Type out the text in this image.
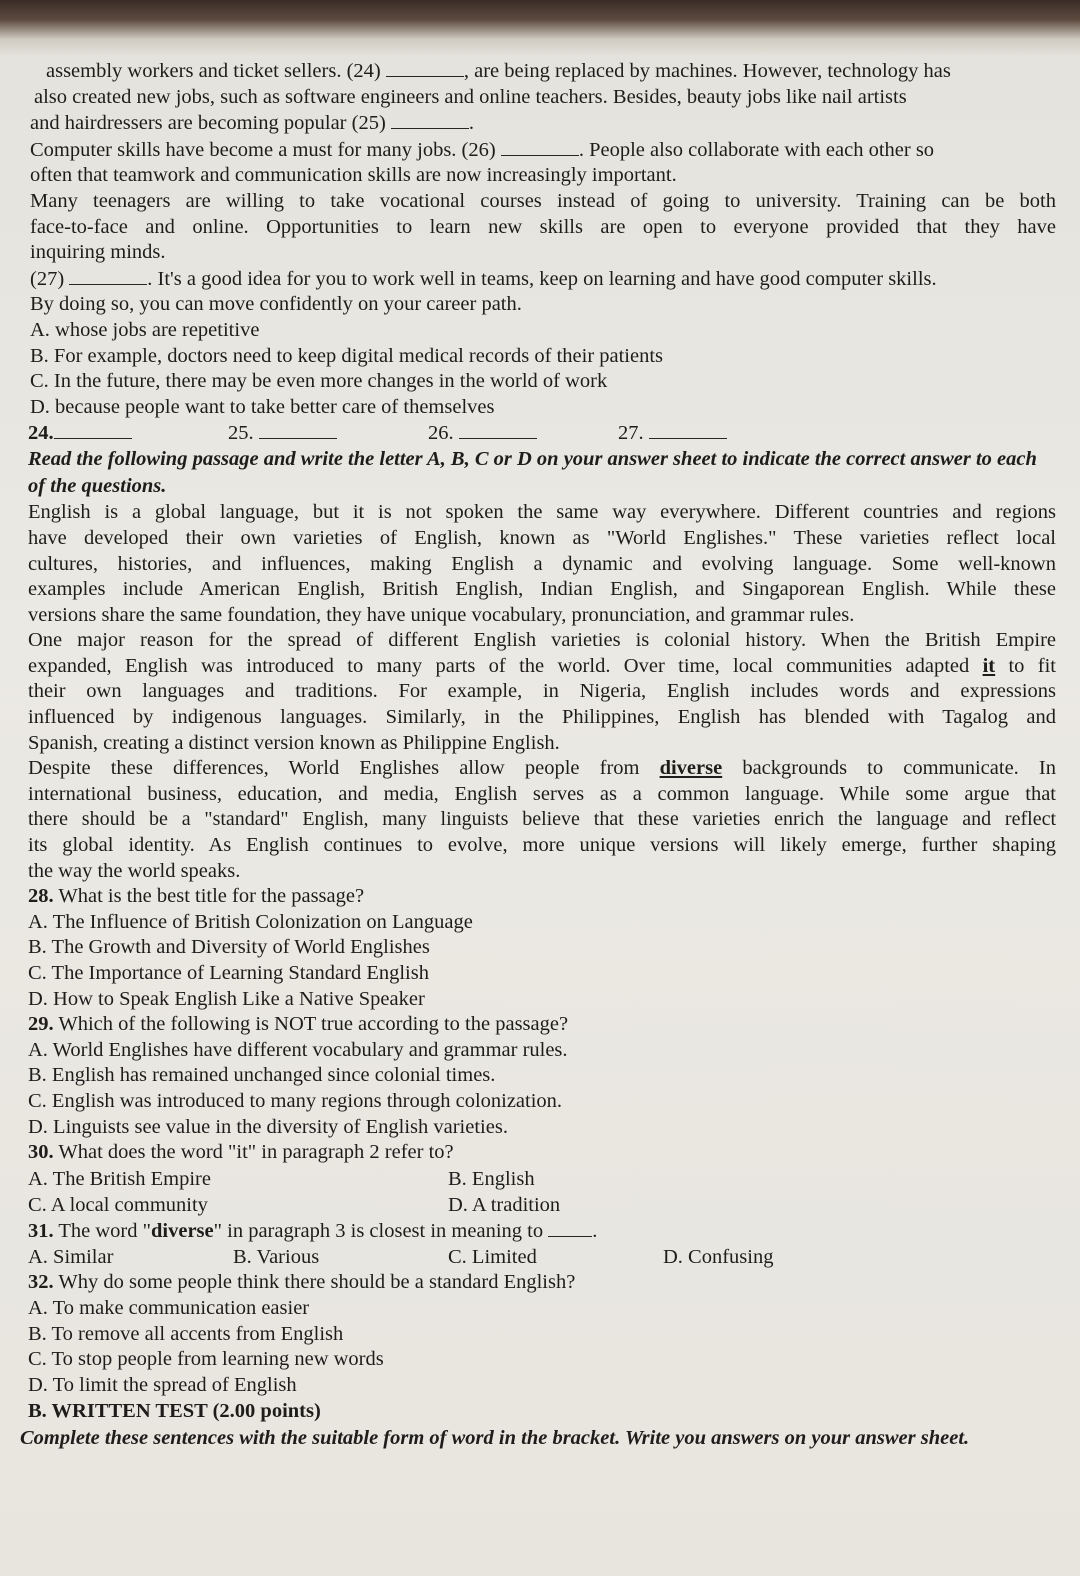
assembly workers and ticket sellers. (24)	, are being replaced by machines. However, technology has
also created new jobs, such as software engineers and online teachers. Besides, beauty jobs like nail artists
and hairdressers are becoming popular (25)	.
Computer skills have become a must for many jobs. (26)	. People also collaborate with each other so
often that teamwork and communication skills are now increasingly important.
Many teenagers are willing to take vocational courses instead of going to university. Training can be both
face-to-face and online. Opportunities to learn new skills are open to everyone provided that they have
inquiring minds.
(27)	. It's a good idea for you to work well in teams, keep on learning and have good computer skills.
By doing so, you can move confidently on your career path.
A. whose jobs are repetitive
B. For example, doctors need to keep digital medical records of their patients
C. In the future, there may be even more changes in the world of work
D. because people want to take better care of themselves
24.	25.	26.	27.
Read the following passage and write the letter A, B, C or D on your answer sheet to indicate the correct answer to each of the questions.
English is a global language, but it is not spoken the same way everywhere. Different countries and regions
have developed their own varieties of English, known as "World Englishes." These varieties reflect local
cultures, histories, and influences, making English a dynamic and evolving language. Some well-known
examples include American English, British English, Indian English, and Singaporean English. While these
versions share the same foundation, they have unique vocabulary, pronunciation, and grammar rules.
One major reason for the spread of different English varieties is colonial history. When the British Empire
expanded, English was introduced to many parts of the world. Over time, local communities adapted it to fit
their own languages and traditions. For example, in Nigeria, English includes words and expressions
influenced by indigenous languages. Similarly, in the Philippines, English has blended with Tagalog and
Spanish, creating a distinct version known as Philippine English.
Despite these differences, World Englishes allow people from diverse backgrounds to communicate. In
international business, education, and media, English serves as a common language. While some argue that
there should be a "standard" English, many linguists believe that these varieties enrich the language and reflect
its global identity. As English continues to evolve, more unique versions will likely emerge, further shaping
the way the world speaks.
28. What is the best title for the passage?
A. The Influence of British Colonization on Language
B. The Growth and Diversity of World Englishes
C. The Importance of Learning Standard English
D. How to Speak English Like a Native Speaker
29. Which of the following is NOT true according to the passage?
A. World Englishes have different vocabulary and grammar rules.
B. English has remained unchanged since colonial times.
C. English was introduced to many regions through colonization.
D. Linguists see value in the diversity of English varieties.
30. What does the word "it" in paragraph 2 refer to?
A. The British Empire	B. English
C. A local community	D. A tradition
31. The word "diverse" in paragraph 3 is closest in meaning to .
A. Similar	B. Various	C. Limited	D. Confusing
32. Why do some people think there should be a standard English?
A. To make communication easier
B. To remove all accents from English
C. To stop people from learning new words
D. To limit the spread of English
B. WRITTEN TEST (2.00 points)
Complete these sentences with the suitable form of word in the bracket. Write you answers on your answer sheet.
